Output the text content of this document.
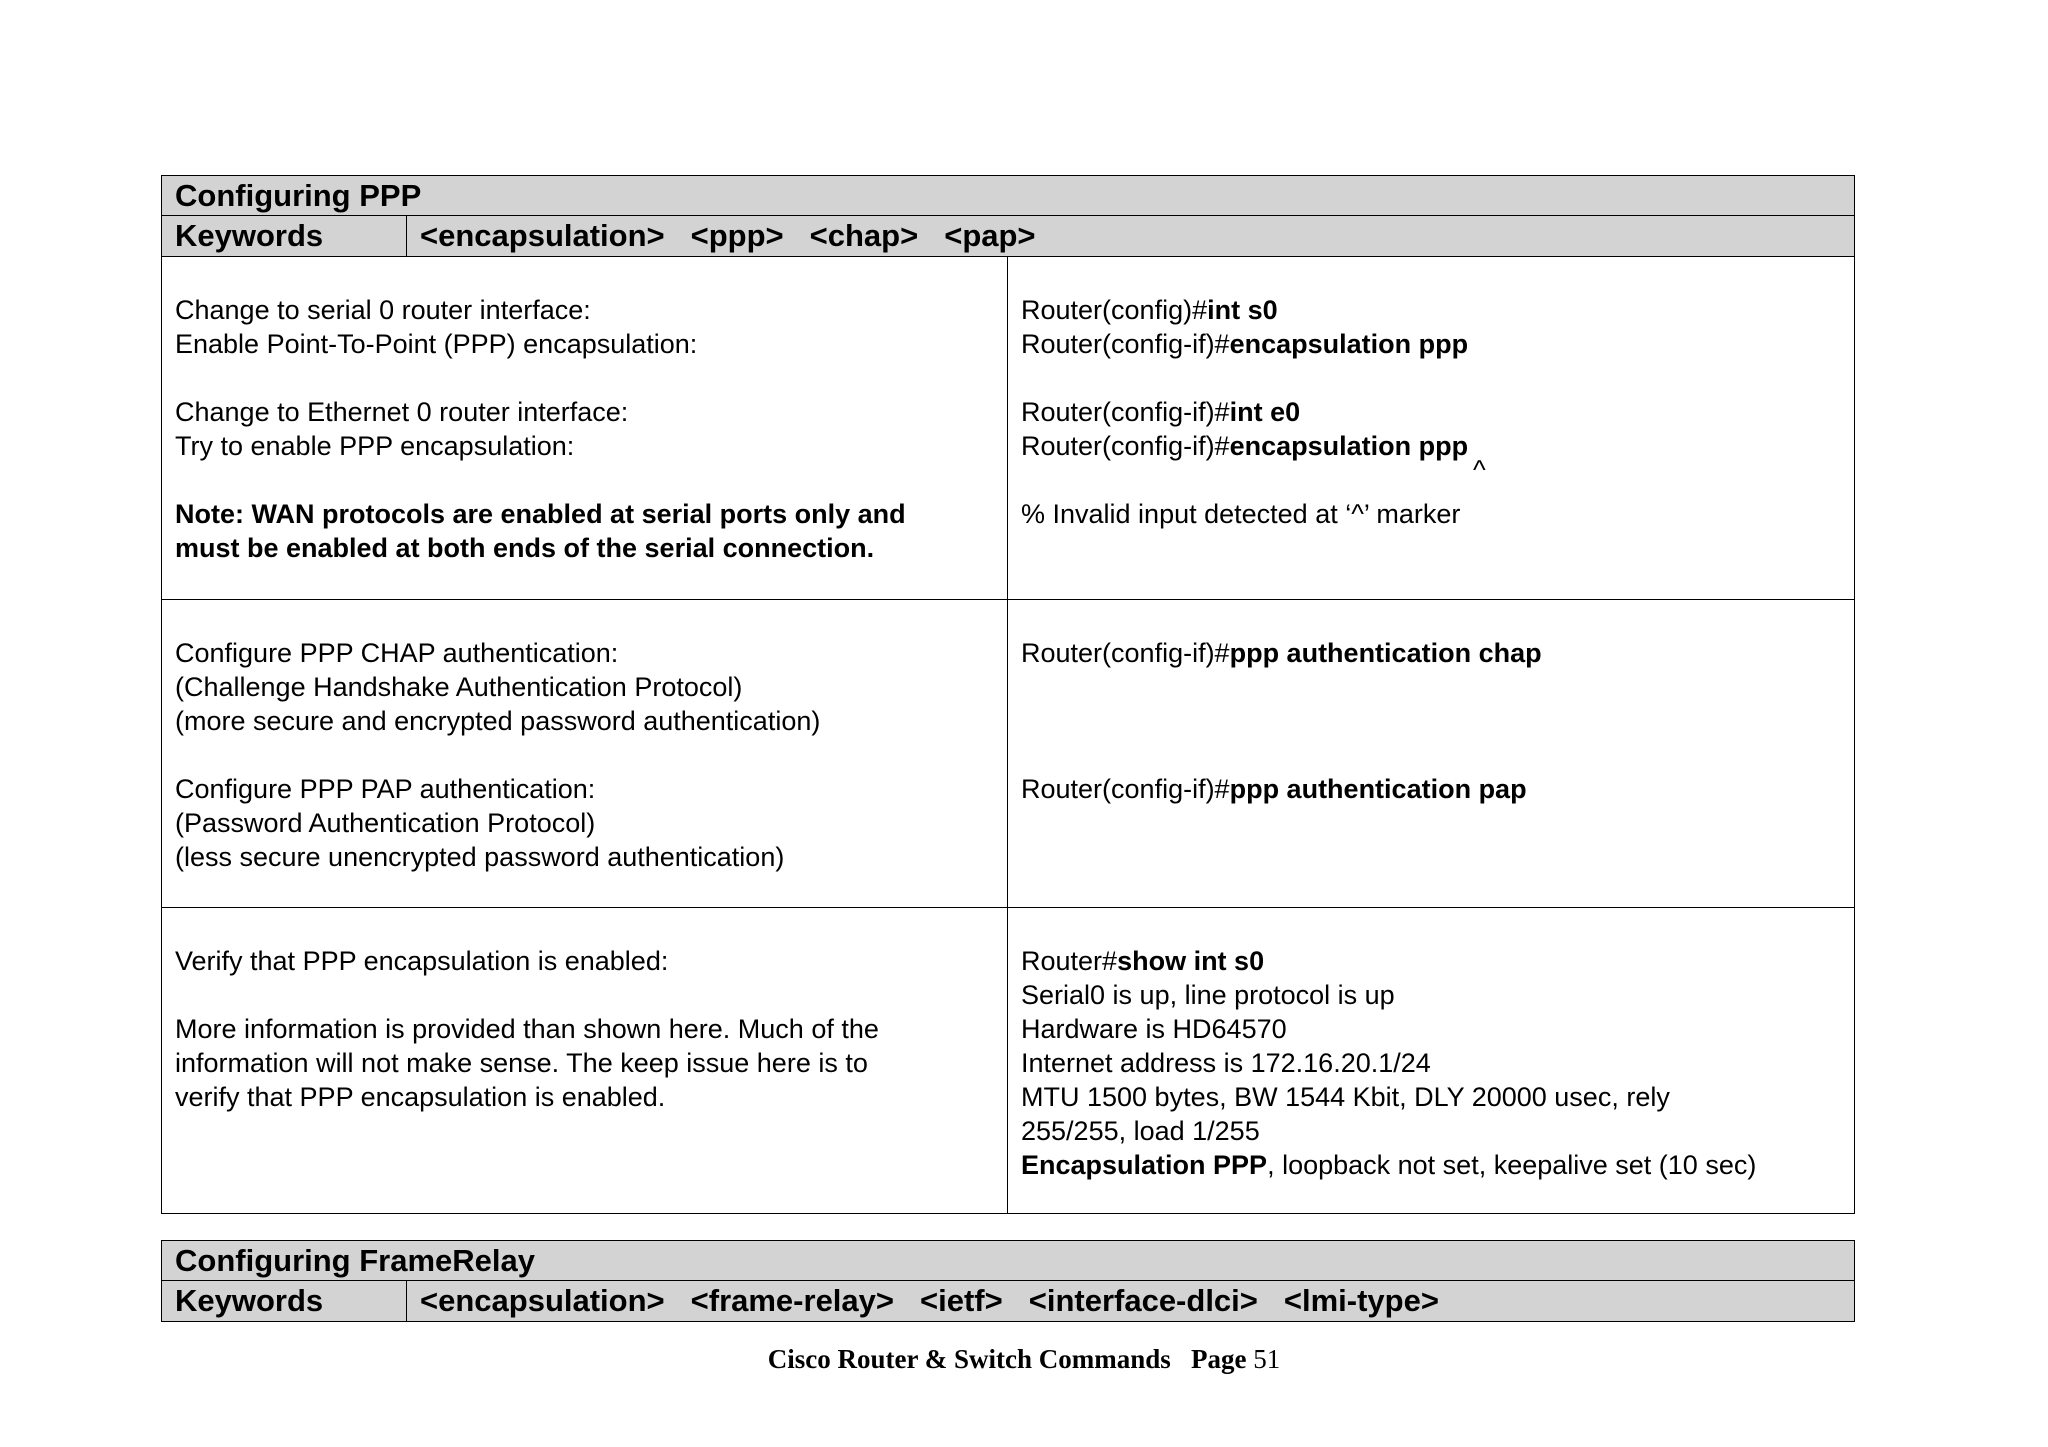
Configuring PPP
Keywords	<encapsulation> <ppp> <chap> <pap>
Change to serial 0 router interface:
Enable Point-To-Point (PPP) encapsulation:
Change to Ethernet 0 router interface:
Try to enable PPP encapsulation:
Note: WAN protocols are enabled at serial ports only and
must be enabled at both ends of the serial connection.
Router(config)#int s0
Router(config-if)#encapsulation ppp
Router(config-if)#int e0
Router(config-if)#encapsulation ppp
^
% Invalid input detected at ‘^’ marker
Configure PPP CHAP authentication:
(Challenge Handshake Authentication Protocol)
(more secure and encrypted password authentication)
Configure PPP PAP authentication:
(Password Authentication Protocol)
(less secure unencrypted password authentication)
Router(config-if)#ppp authentication chap
Router(config-if)#ppp authentication pap
Verify that PPP encapsulation is enabled:
More information is provided than shown here. Much of the
information will not make sense. The keep issue here is to
verify that PPP encapsulation is enabled.
Router#show int s0
Serial0 is up, line protocol is up
Hardware is HD64570
Internet address is 172.16.20.1/24
MTU 1500 bytes, BW 1544 Kbit, DLY 20000 usec, rely
255/255, load 1/255
Encapsulation PPP, loopback not set, keepalive set (10 sec)
Configuring FrameRelay
Keywords	<encapsulation> <frame-relay> <ietf> <interface-dlci> <lmi-type>
Cisco Router & Switch Commands Page 51
